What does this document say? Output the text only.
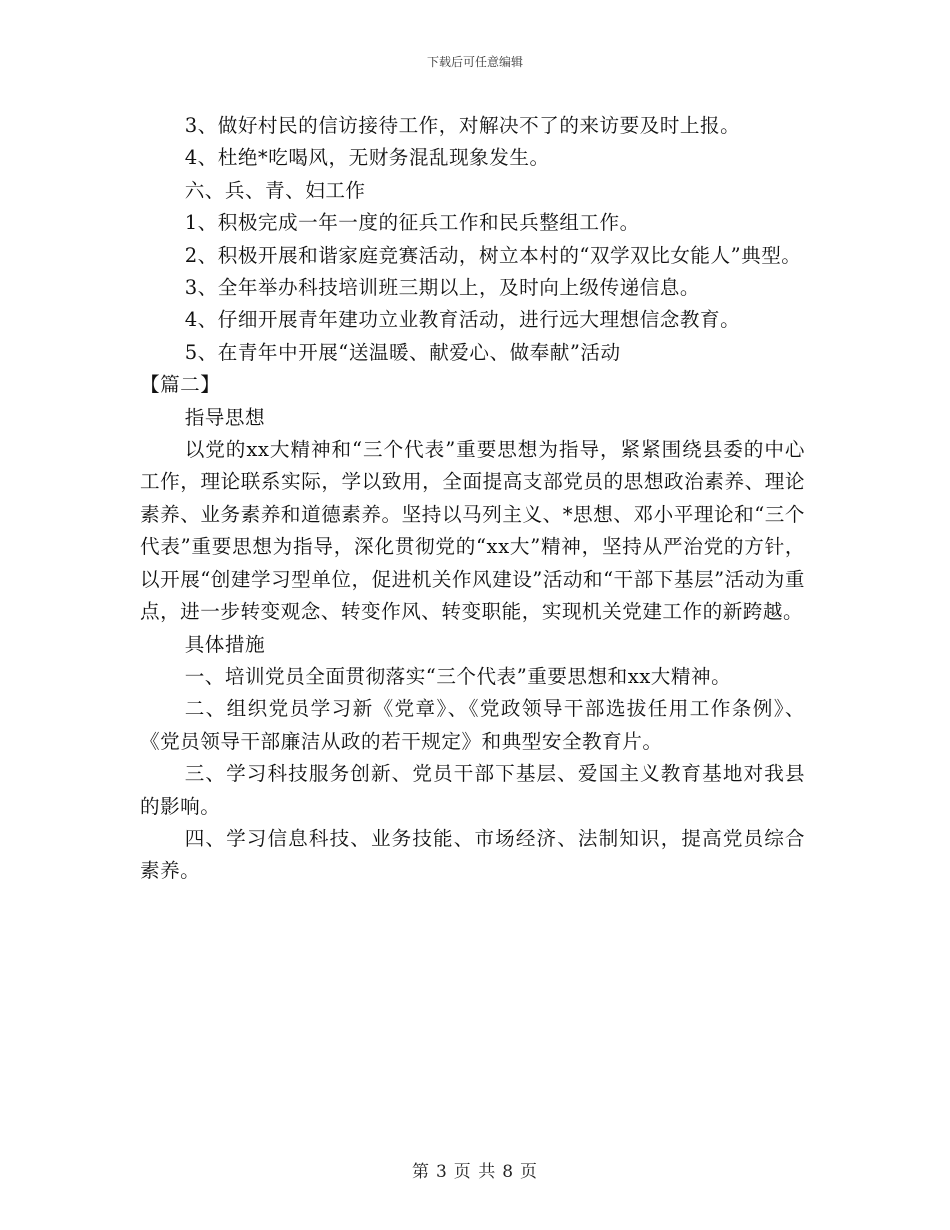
下载后可任意编辑

3、做好村民的信访接待工作，对解决不了的来访要及时上报。

4、杜绝*吃喝风，无财务混乱现象发生。

六、兵、青、妇工作

1、积极完成一年一度的征兵工作和民兵整组工作。

2、积极开展和谐家庭竞赛活动，树立本村的“双学双比女能人”典型。

3、全年举办科技培训班三期以上，及时向上级传递信息。

4、仔细开展青年建功立业教育活动，进行远大理想信念教育。

5、在青年中开展“送温暖、献爱心、做奉献”活动

【篇二】

指导思想

以党的xx大精神和“三个代表”重要思想为指导，紧紧围绕县委的中心工作，理论联系实际，学以致用，全面提高支部党员的思想政治素养、理论素养、业务素养和道德素养。坚持以马列主义、*思想、邓小平理论和“三个代表”重要思想为指导，深化贯彻党的“xx大”精神，坚持从严治党的方针，以开展“创建学习型单位，促进机关作风建设”活动和“干部下基层”活动为重点，进一步转变观念、转变作风、转变职能，实现机关党建工作的新跨越。

具体措施

一、培训党员全面贯彻落实“三个代表”重要思想和xx大精神。

二、组织党员学习新《党章》、《党政领导干部选拔任用工作条例》、《党员领导干部廉洁从政的若干规定》和典型安全教育片。

三、学习科技服务创新、党员干部下基层、爱国主义教育基地对我县的影响。

四、学习信息科技、业务技能、市场经济、法制知识，提高党员综合素养。

第 3 页 共 8 页
